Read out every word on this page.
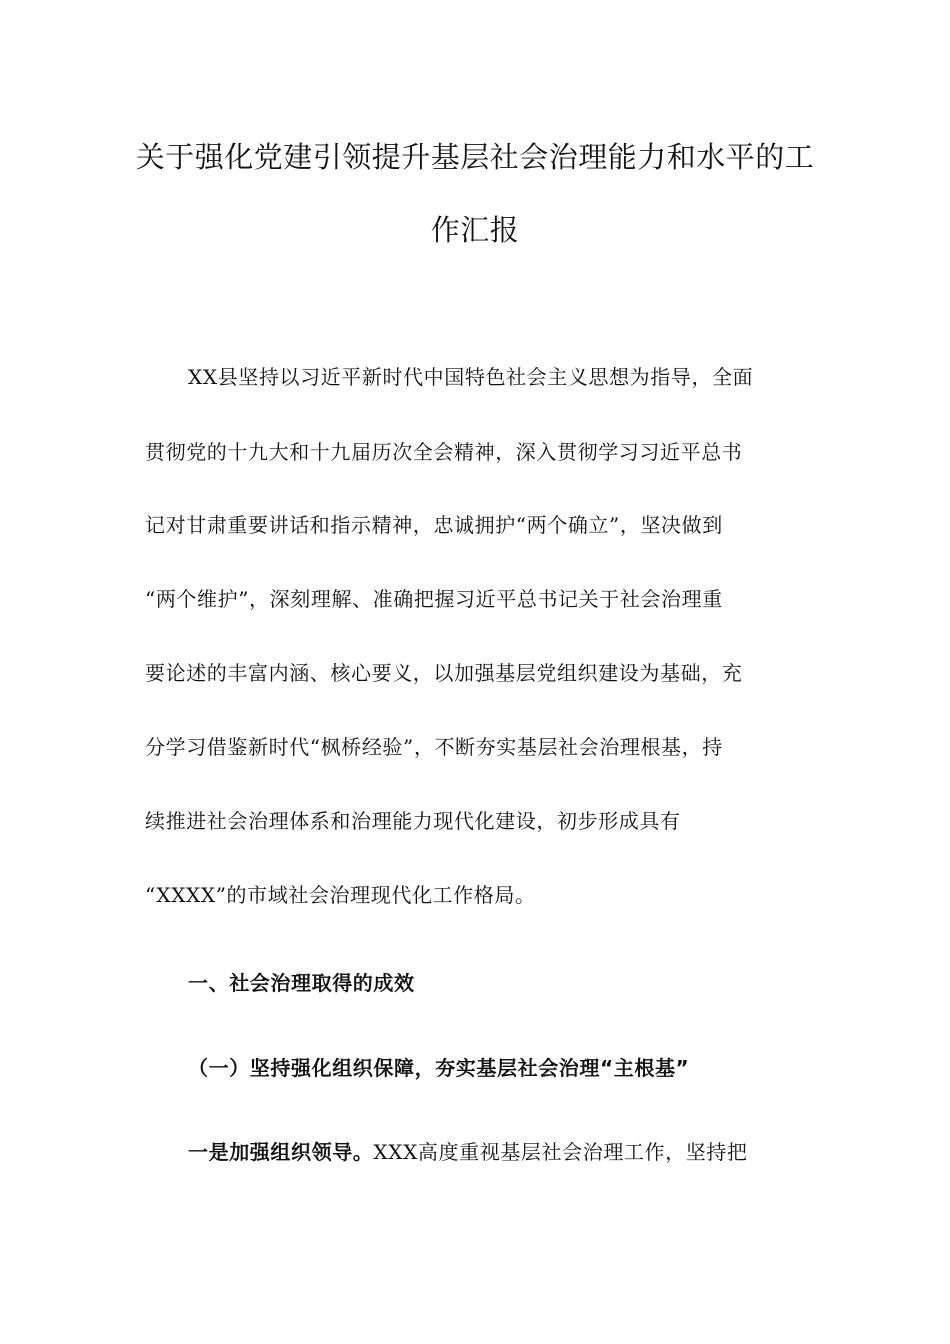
关于强化党建引领提升基层社会治理能力和水平的工
作汇报

XX县坚持以习近平新时代中国特色社会主义思想为指导，全面

贯彻党的十九大和十九届历次全会精神，深入贯彻学习习近平总书

记对甘肃重要讲话和指示精神，忠诚拥护“两个确立”，坚决做到

“两个维护”，深刻理解、准确把握习近平总书记关于社会治理重

要论述的丰富内涵、核心要义，以加强基层党组织建设为基础，充

分学习借鉴新时代“枫桥经验”，不断夯实基层社会治理根基，持

续推进社会治理体系和治理能力现代化建设，初步形成具有

“XXXX”的市域社会治理现代化工作格局。

一、社会治理取得的成效

（一）坚持强化组织保障，夯实基层社会治理“主根基”

一是加强组织领导。XXX高度重视基层社会治理工作，坚持把
